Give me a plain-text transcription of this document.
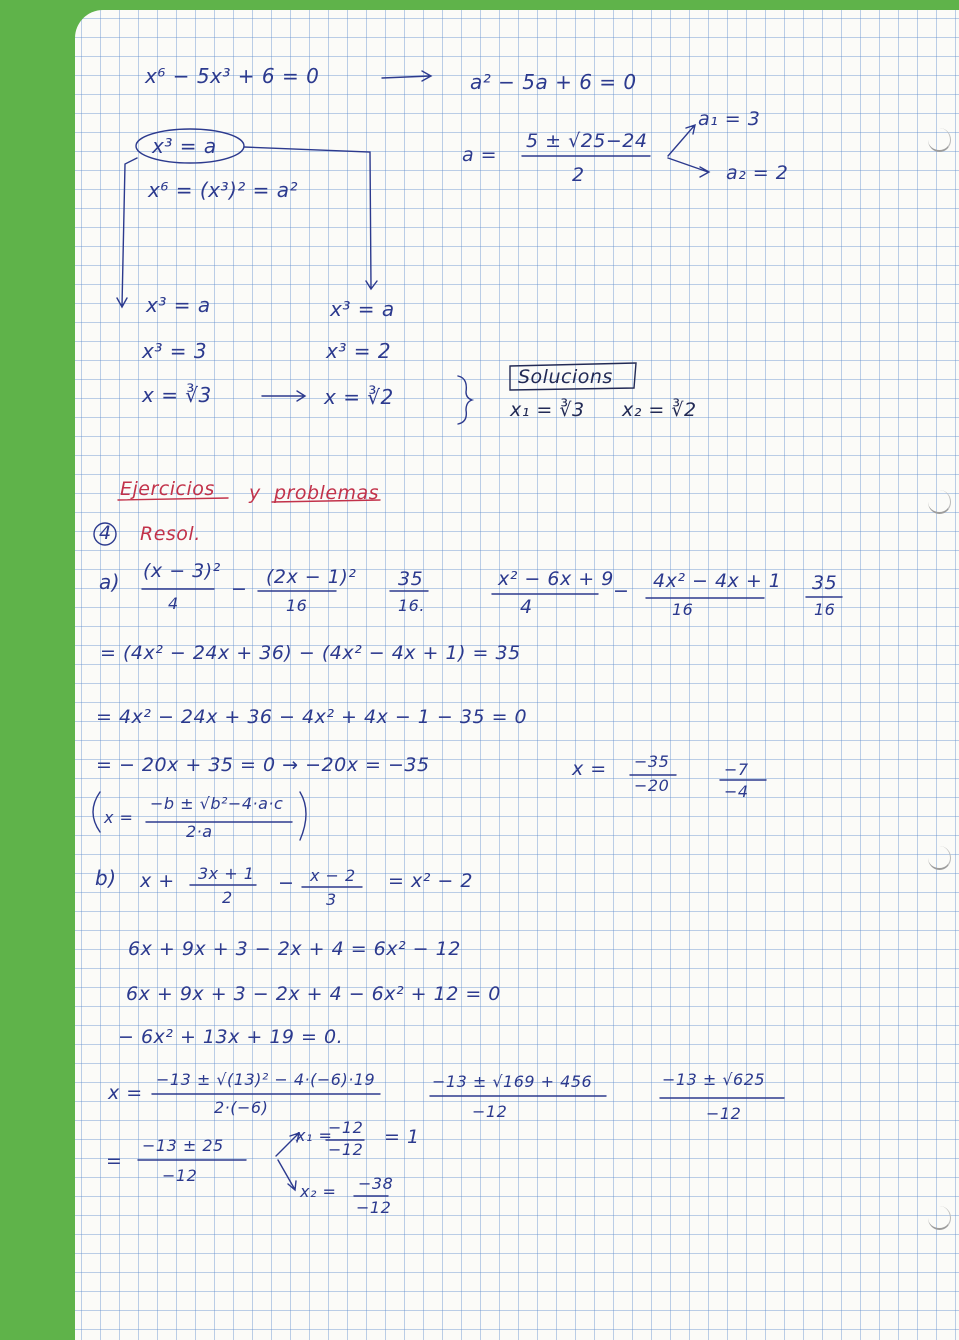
x⁶ − 5x³ + 6 = 0	a² − 5a + 6 = 0
x³ = a
x⁶ = (x³)² = a²
a =
5 ± √25−24
2
a₁ = 3
a₂ = 2
x³ = a
x³ = 3
x = ∛3
x³ = a
x³ = 2
x = ∛2
Solucions
x₁ = ∛3 x₂ = ∛2
Ejercicios y problemas
4 Resol.
a) (x − 3)²
4
−
(2x − 1)²
16
35
16.
x² − 6x + 9
4
− 4x² − 4x + 1
16
35
16
= (4x² − 24x + 36) − (4x² − 4x + 1) = 35
= 4x² − 24x + 36 − 4x² + 4x − 1 − 35 = 0
= − 20x + 35 = 0 → −20x = −35	x = −35
−20
−7
−4
x =
−b ± √b²−4·a·c
2·a
b) x + 3x + 1
2
− x − 2
3
= x² − 2
6x + 9x + 3 − 2x + 4 = 6x² − 12
6x + 9x + 3 − 2x + 4 − 6x² + 12 = 0
− 6x² + 13x + 19 = 0.
x =
−13 ± √(13)² − 4·(−6)·19
2·(−6)
−13 ± √169 + 456
−12
−13 ± √625
−12
=
−13 ± 25
−12
x₁ =
−12
−12
= 1
x₂ = −38
−12
